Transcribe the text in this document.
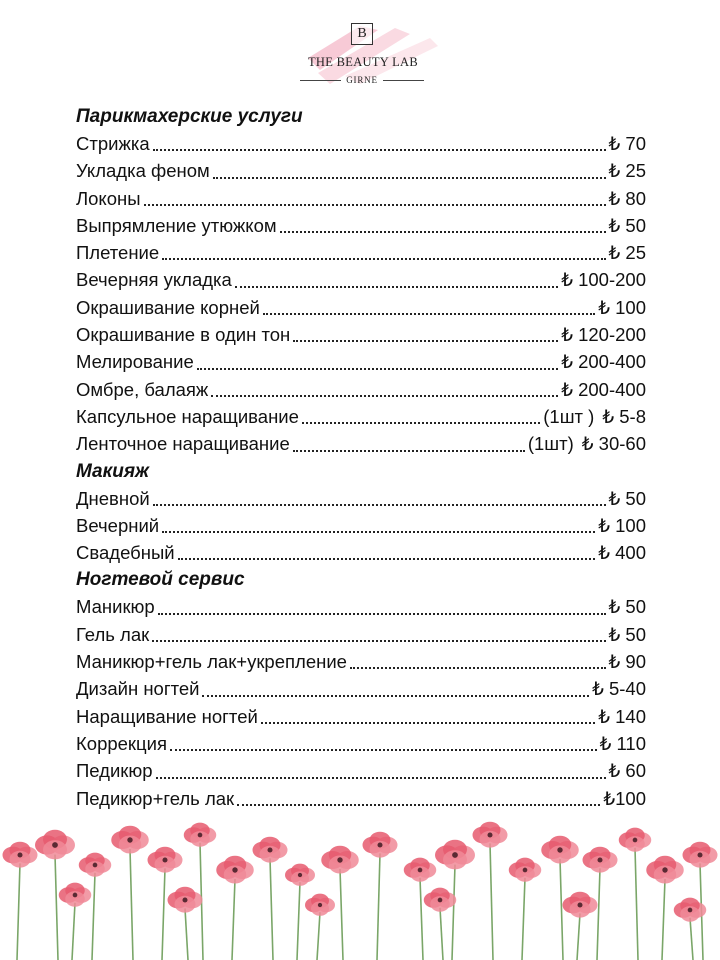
B
THE BEAUTY LAB
GIRNE
Парикмахерские услуги
Стрижка	₺ 70
Укладка феном	₺ 25
Локоны	₺ 80
Выпрямление утюжком	₺ 50
Плетение	₺ 25
Вечерняя укладка	₺ 100-200
Окрашивание корней	₺ 100
Окрашивание в один тон	₺ 120-200
Мелирование	₺ 200-400
Омбре, балаяж	₺ 200-400
Капсульное наращивание	(1шт ) ₺ 5-8
Ленточное наращивание	(1шт) ₺ 30-60
Макияж
Дневной	₺ 50
Вечерний	₺ 100
Свадебный	₺ 400
Ногтевой сервис
Маникюр	₺ 50
Гель лак	₺ 50
Маникюр+гель лак+укрепление	₺ 90
Дизайн ногтей	₺ 5-40
Наращивание ногтей	₺ 140
Коррекция	₺ 110
Педикюр	₺ 60
Педикюр+гель лак	₺100
